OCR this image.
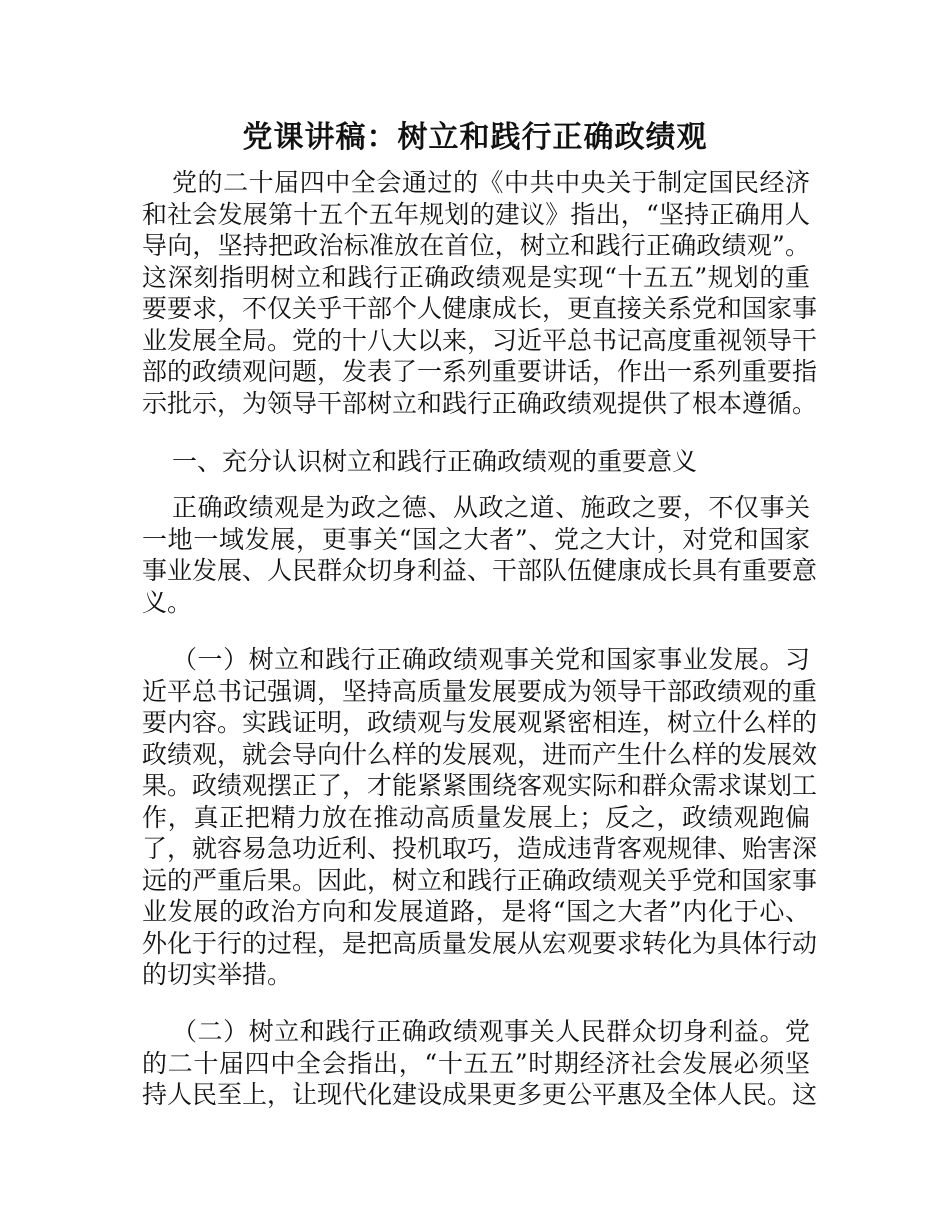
党课讲稿：树立和践行正确政绩观
党的二十届四中全会通过的《中共中央关于制定国民经济
和社会发展第十五个五年规划的建议》指出，“坚持正确用人
导向，坚持把政治标准放在首位，树立和践行正确政绩观”。
这深刻指明树立和践行正确政绩观是实现“十五五”规划的重
要要求，不仅关乎干部个人健康成长，更直接关系党和国家事
业发展全局。党的十八大以来，习近平总书记高度重视领导干
部的政绩观问题，发表了一系列重要讲话，作出一系列重要指
示批示，为领导干部树立和践行正确政绩观提供了根本遵循。
一、充分认识树立和践行正确政绩观的重要意义
正确政绩观是为政之德、从政之道、施政之要，不仅事关
一地一域发展，更事关“国之大者”、党之大计，对党和国家
事业发展、人民群众切身利益、干部队伍健康成长具有重要意
义。
（一）树立和践行正确政绩观事关党和国家事业发展。习
近平总书记强调，坚持高质量发展要成为领导干部政绩观的重
要内容。实践证明，政绩观与发展观紧密相连，树立什么样的
政绩观，就会导向什么样的发展观，进而产生什么样的发展效
果。政绩观摆正了，才能紧紧围绕客观实际和群众需求谋划工
作，真正把精力放在推动高质量发展上；反之，政绩观跑偏
了，就容易急功近利、投机取巧，造成违背客观规律、贻害深
远的严重后果。因此，树立和践行正确政绩观关乎党和国家事
业发展的政治方向和发展道路，是将“国之大者”内化于心、
外化于行的过程，是把高质量发展从宏观要求转化为具体行动
的切实举措。
（二）树立和践行正确政绩观事关人民群众切身利益。党
的二十届四中全会指出，“十五五”时期经济社会发展必须坚
持人民至上，让现代化建设成果更多更公平惠及全体人民。这
